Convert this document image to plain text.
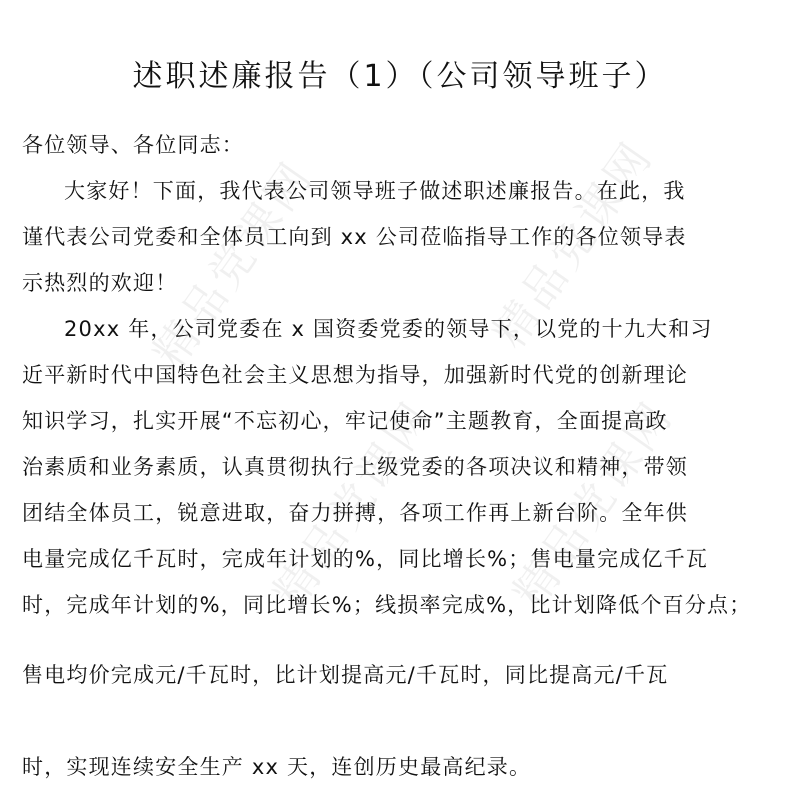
精品党课网	精品党课网
精品党课网 精品党课网
述职述廉报告（1）（公司领导班子）
各位领导、各位同志：
大家好！下面，我代表公司领导班子做述职述廉报告。在此，我
谨代表公司党委和全体员工向到 xx 公司莅临指导工作的各位领导表
示热烈的欢迎！
20xx 年，公司党委在 x 国资委党委的领导下，以党的十九大和习
近平新时代中国特色社会主义思想为指导，加强新时代党的创新理论
知识学习，扎实开展“不忘初心，牢记使命”主题教育，全面提高政
治素质和业务素质，认真贯彻执行上级党委的各项决议和精神，带领
团结全体员工，锐意进取，奋力拼搏，各项工作再上新台阶。全年供
电量完成亿千瓦时，完成年计划的%，同比增长%；售电量完成亿千瓦
时，完成年计划的%，同比增长%；线损率完成%，比计划降低个百分点；
售电均价完成元/千瓦时，比计划提高元/千瓦时，同比提高元/千瓦
时，实现连续安全生产 xx 天，连创历史最高纪录。
